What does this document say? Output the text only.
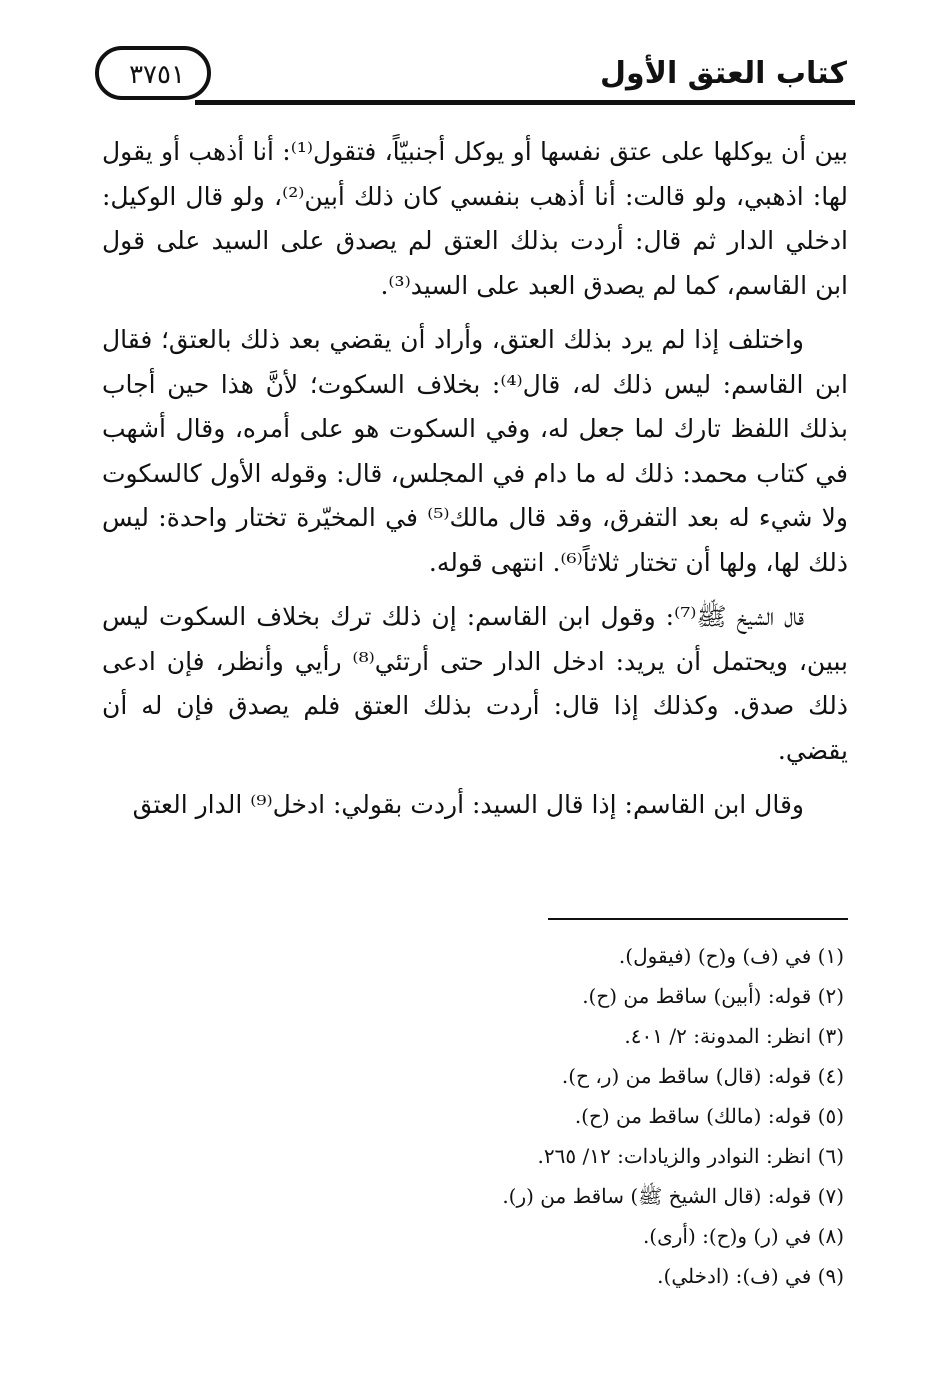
٣٧٥١	كتاب العتق الأول

بين أن يوكلها على عتق نفسها أو يوكل أجنبيّاً، فتقول⁽¹⁾: أنا أذهب أو يقول لها: اذهبي، ولو قالت: أنا أذهب بنفسي كان ذلك أبين⁽²⁾، ولو قال الوكيل: ادخلي الدار ثم قال: أردت بذلك العتق لم يصدق على السيد على قول ابن القاسم، كما لم يصدق العبد على السيد⁽³⁾.

واختلف إذا لم يرد بذلك العتق، وأراد أن يقضي بعد ذلك بالعتق؛ فقال ابن القاسم: ليس ذلك له، قال⁽⁴⁾: بخلاف السكوت؛ لأنَّ هذا حين أجاب بذلك اللفظ تارك لما جعل له، وفي السكوت هو على أمره، وقال أشهب في كتاب محمد: ذلك له ما دام في المجلس، قال: وقوله الأول كالسكوت ولا شيء له بعد التفرق، وقد قال مالك⁽⁵⁾ في المخيّرة تختار واحدة: ليس ذلك لها، ولها أن تختار ثلاثاً⁽⁶⁾. انتهى قوله.

قال الشيخ ﷺ⁽⁷⁾: وقول ابن القاسم: إن ذلك ترك بخلاف السكوت ليس ببين، ويحتمل أن يريد: ادخل الدار حتى أرتئي⁽⁸⁾ رأيي وأنظر، فإن ادعى ذلك صدق. وكذلك إذا قال: أردت بذلك العتق فلم يصدق فإن له أن يقضي.

وقال ابن القاسم: إذا قال السيد: أردت بقولي: ادخل⁽⁹⁾ الدار العتق

(١) في (ف) و(ح) (فيقول).
(٢) قوله: (أبين) ساقط من (ح).
(٣) انظر: المدونة: ٢/ ٤٠١.
(٤) قوله: (قال) ساقط من (ر، ح).
(٥) قوله: (مالك) ساقط من (ح).
(٦) انظر: النوادر والزيادات: ١٢/ ٢٦٥.
(٧) قوله: (قال الشيخ ﷺ) ساقط من (ر).
(٨) في (ر) و(ح): (أرى).
(٩) في (ف): (ادخلي).
